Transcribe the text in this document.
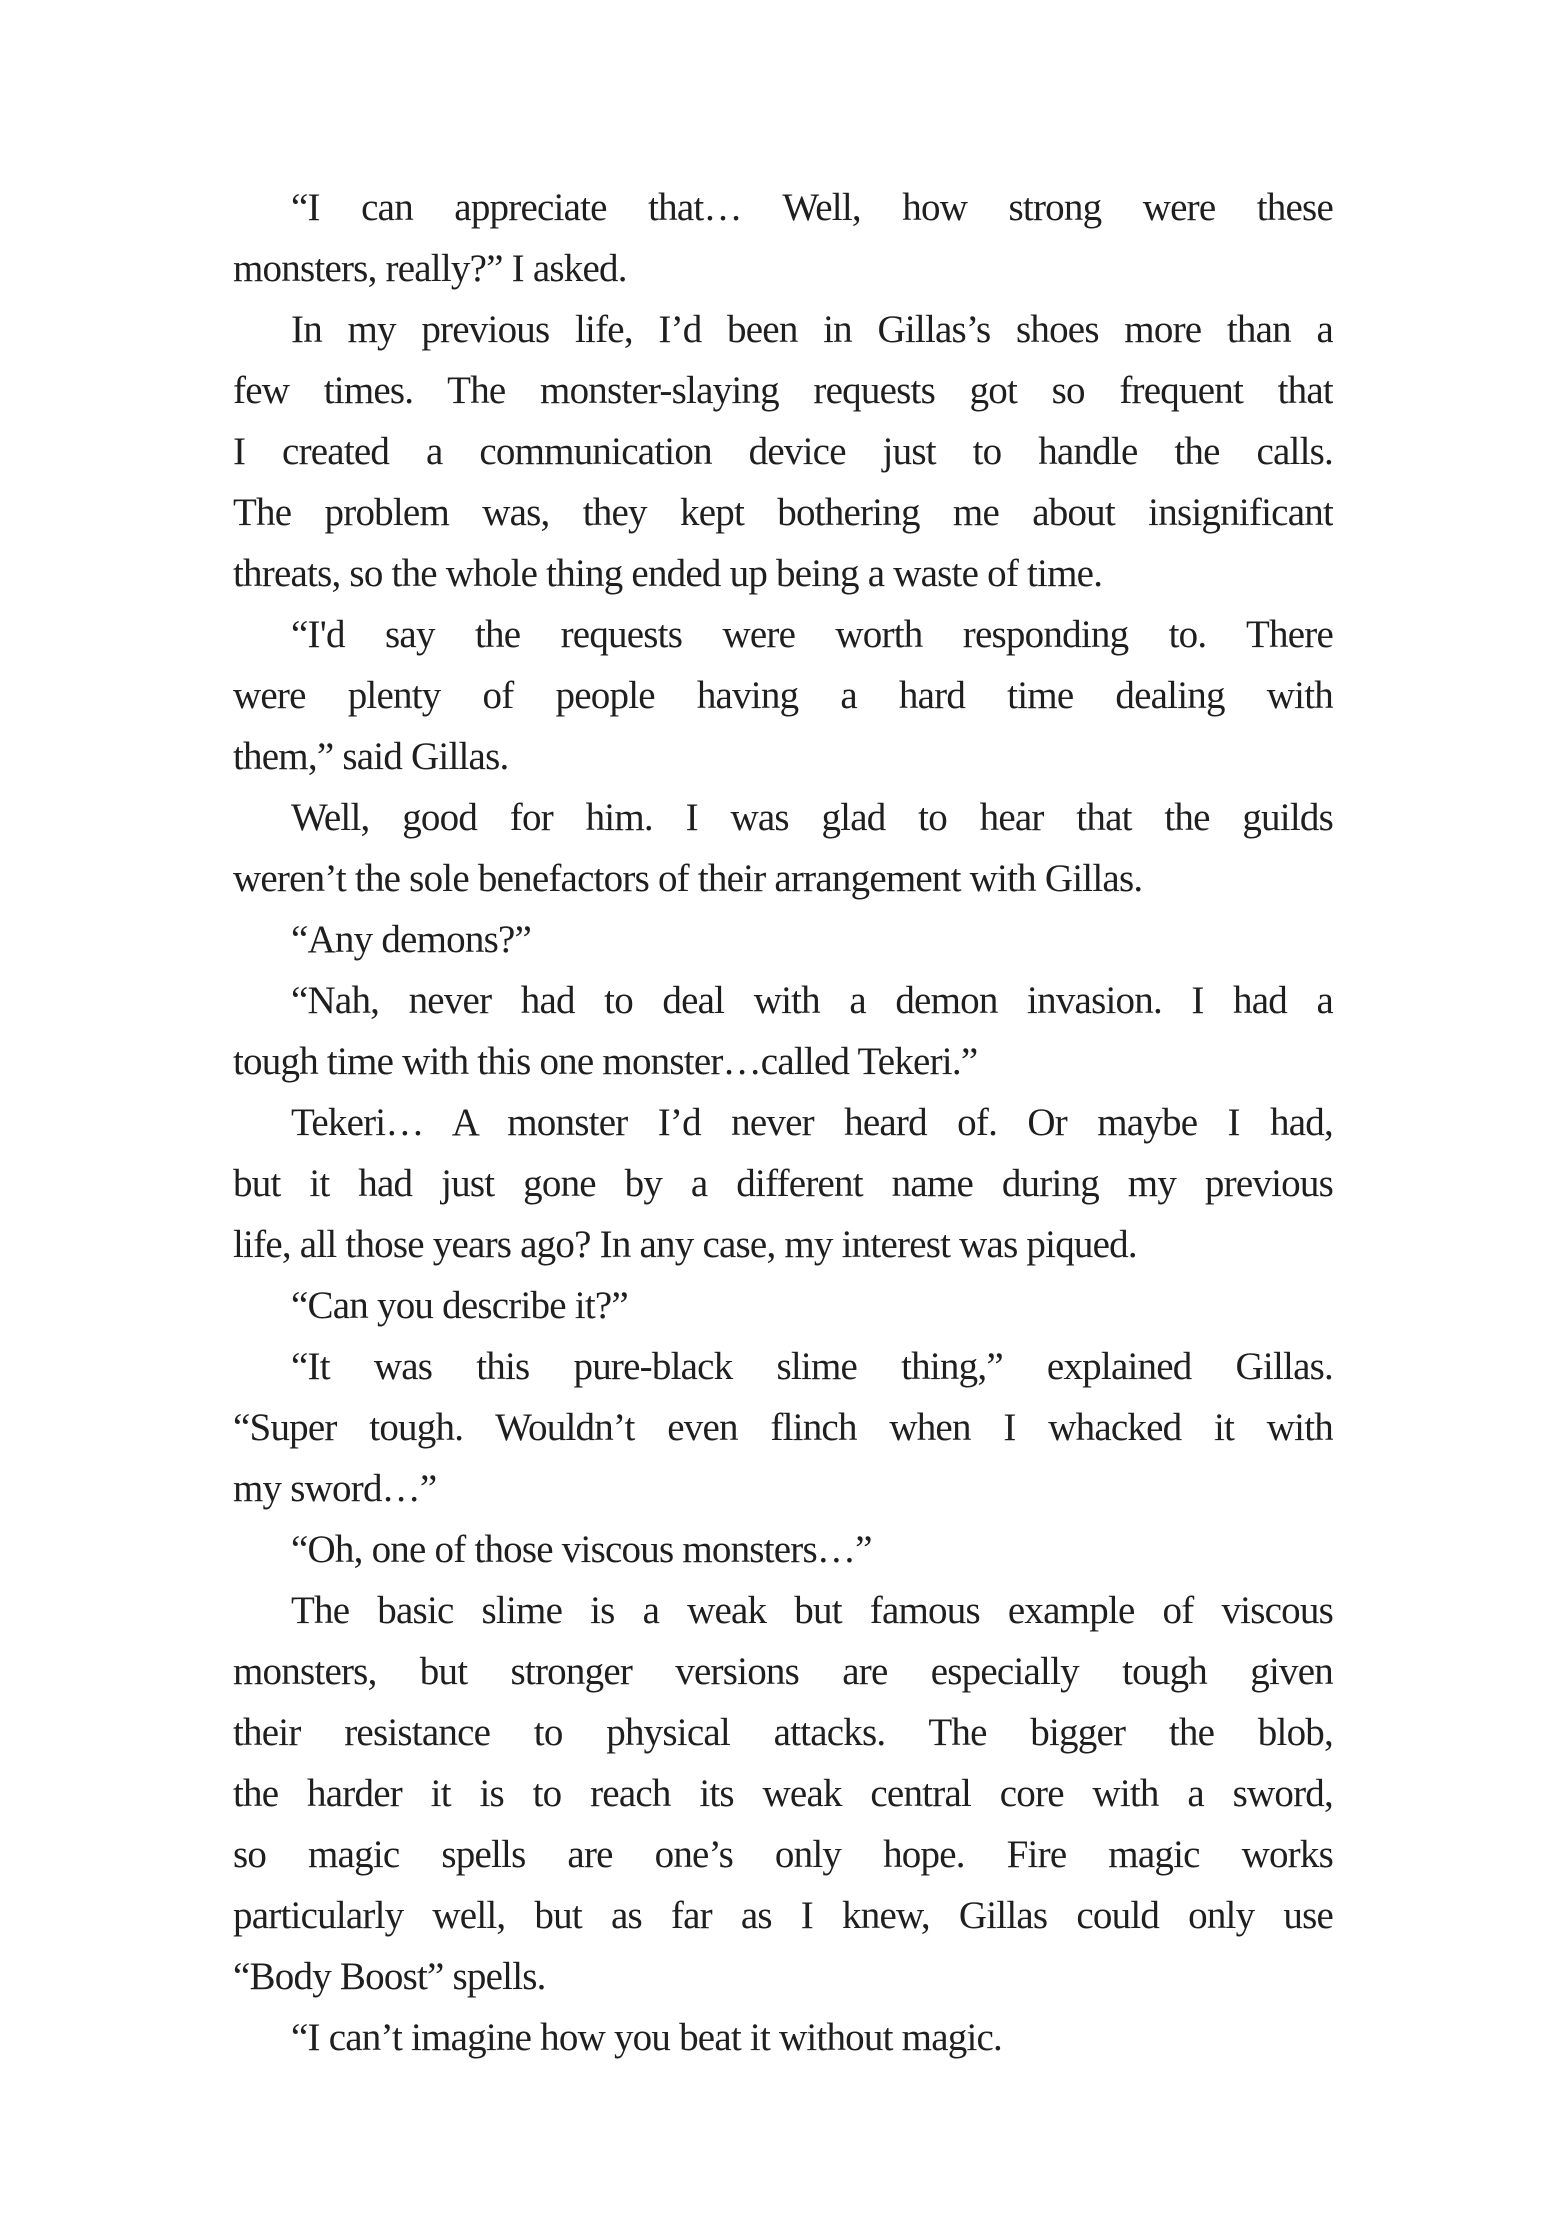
“I can appreciate that… Well, how strong were these
monsters, really?” I asked.
In my previous life, I’d been in Gillas’s shoes more than a
few times. The monster-slaying requests got so frequent that
I created a communication device just to handle the calls.
The problem was, they kept bothering me about insignificant
threats, so the whole thing ended up being a waste of time.
“I'd say the requests were worth responding to. There
were plenty of people having a hard time dealing with
them,” said Gillas.
Well, good for him. I was glad to hear that the guilds
weren’t the sole benefactors of their arrangement with Gillas.
“Any demons?”
“Nah, never had to deal with a demon invasion. I had a
tough time with this one monster…called Tekeri.”
Tekeri… A monster I’d never heard of. Or maybe I had,
but it had just gone by a different name during my previous
life, all those years ago? In any case, my interest was piqued.
“Can you describe it?”
“It was this pure-black slime thing,” explained Gillas.
“Super tough. Wouldn’t even flinch when I whacked it with
my sword…”
“Oh, one of those viscous monsters…”
The basic slime is a weak but famous example of viscous
monsters, but stronger versions are especially tough given
their resistance to physical attacks. The bigger the blob,
the harder it is to reach its weak central core with a sword,
so magic spells are one’s only hope. Fire magic works
particularly well, but as far as I knew, Gillas could only use
“Body Boost” spells.
“I can’t imagine how you beat it without magic.
